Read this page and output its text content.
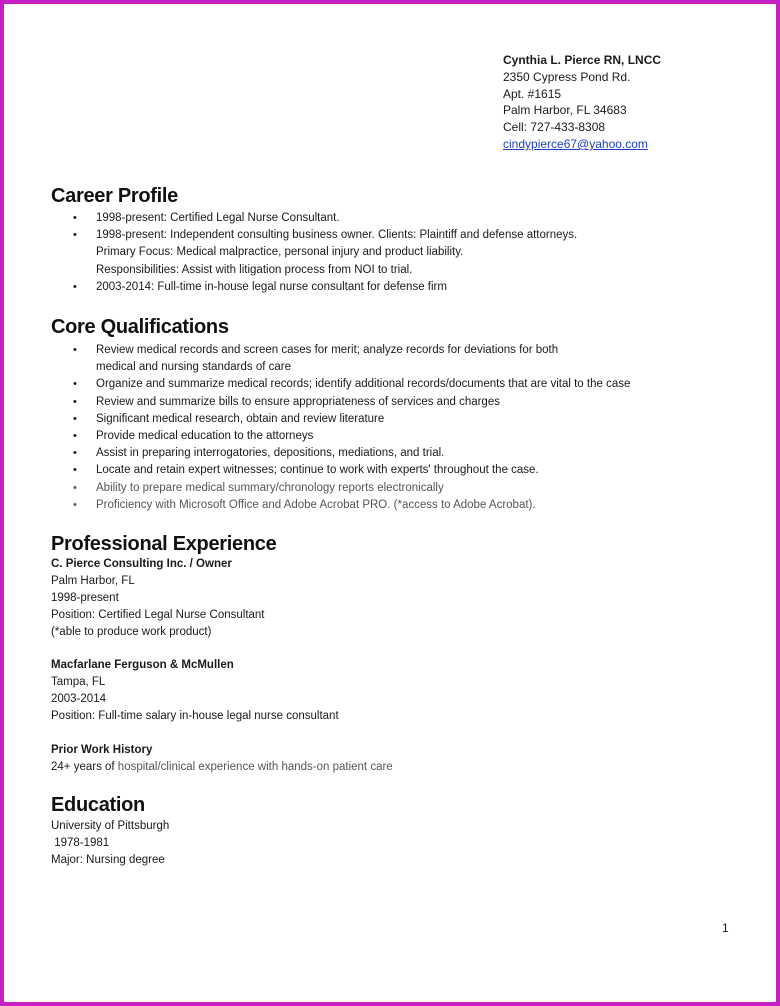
Cynthia L. Pierce RN, LNCC
2350 Cypress Pond Rd.
Apt. #1615
Palm Harbor, FL 34683
Cell: 727-433-8308
cindypierce67@yahoo.com
Career Profile
• 1998-present: Certified Legal Nurse Consultant.
• 1998-present: Independent consulting business owner. Clients: Plaintiff and defense attorneys.
Primary Focus: Medical malpractice, personal injury and product liability.
Responsibilities: Assist with litigation process from NOI to trial.
• 2003-2014: Full-time in-house legal nurse consultant for defense firm
Core Qualifications
• Review medical records and screen cases for merit; analyze records for deviations for both
medical and nursing standards of care
• Organize and summarize medical records; identify additional records/documents that are vital to the case
• Review and summarize bills to ensure appropriateness of services and charges
• Significant medical research, obtain and review literature
• Provide medical education to the attorneys
• Assist in preparing interrogatories, depositions, mediations, and trial.
• Locate and retain expert witnesses; continue to work with experts' throughout the case.
• Ability to prepare medical summary/chronology reports electronically
• Proficiency with Microsoft Office and Adobe Acrobat PRO. (*access to Adobe Acrobat).
Professional Experience
C. Pierce Consulting Inc. / Owner
Palm Harbor, FL
1998-present
Position: Certified Legal Nurse Consultant
(*able to produce work product)
Macfarlane Ferguson & McMullen
Tampa, FL
2003-2014
Position: Full-time salary in-house legal nurse consultant
Prior Work History
24+ years of hospital/clinical experience with hands-on patient care
Education
University of Pittsburgh
1978-1981
Major: Nursing degree
1
